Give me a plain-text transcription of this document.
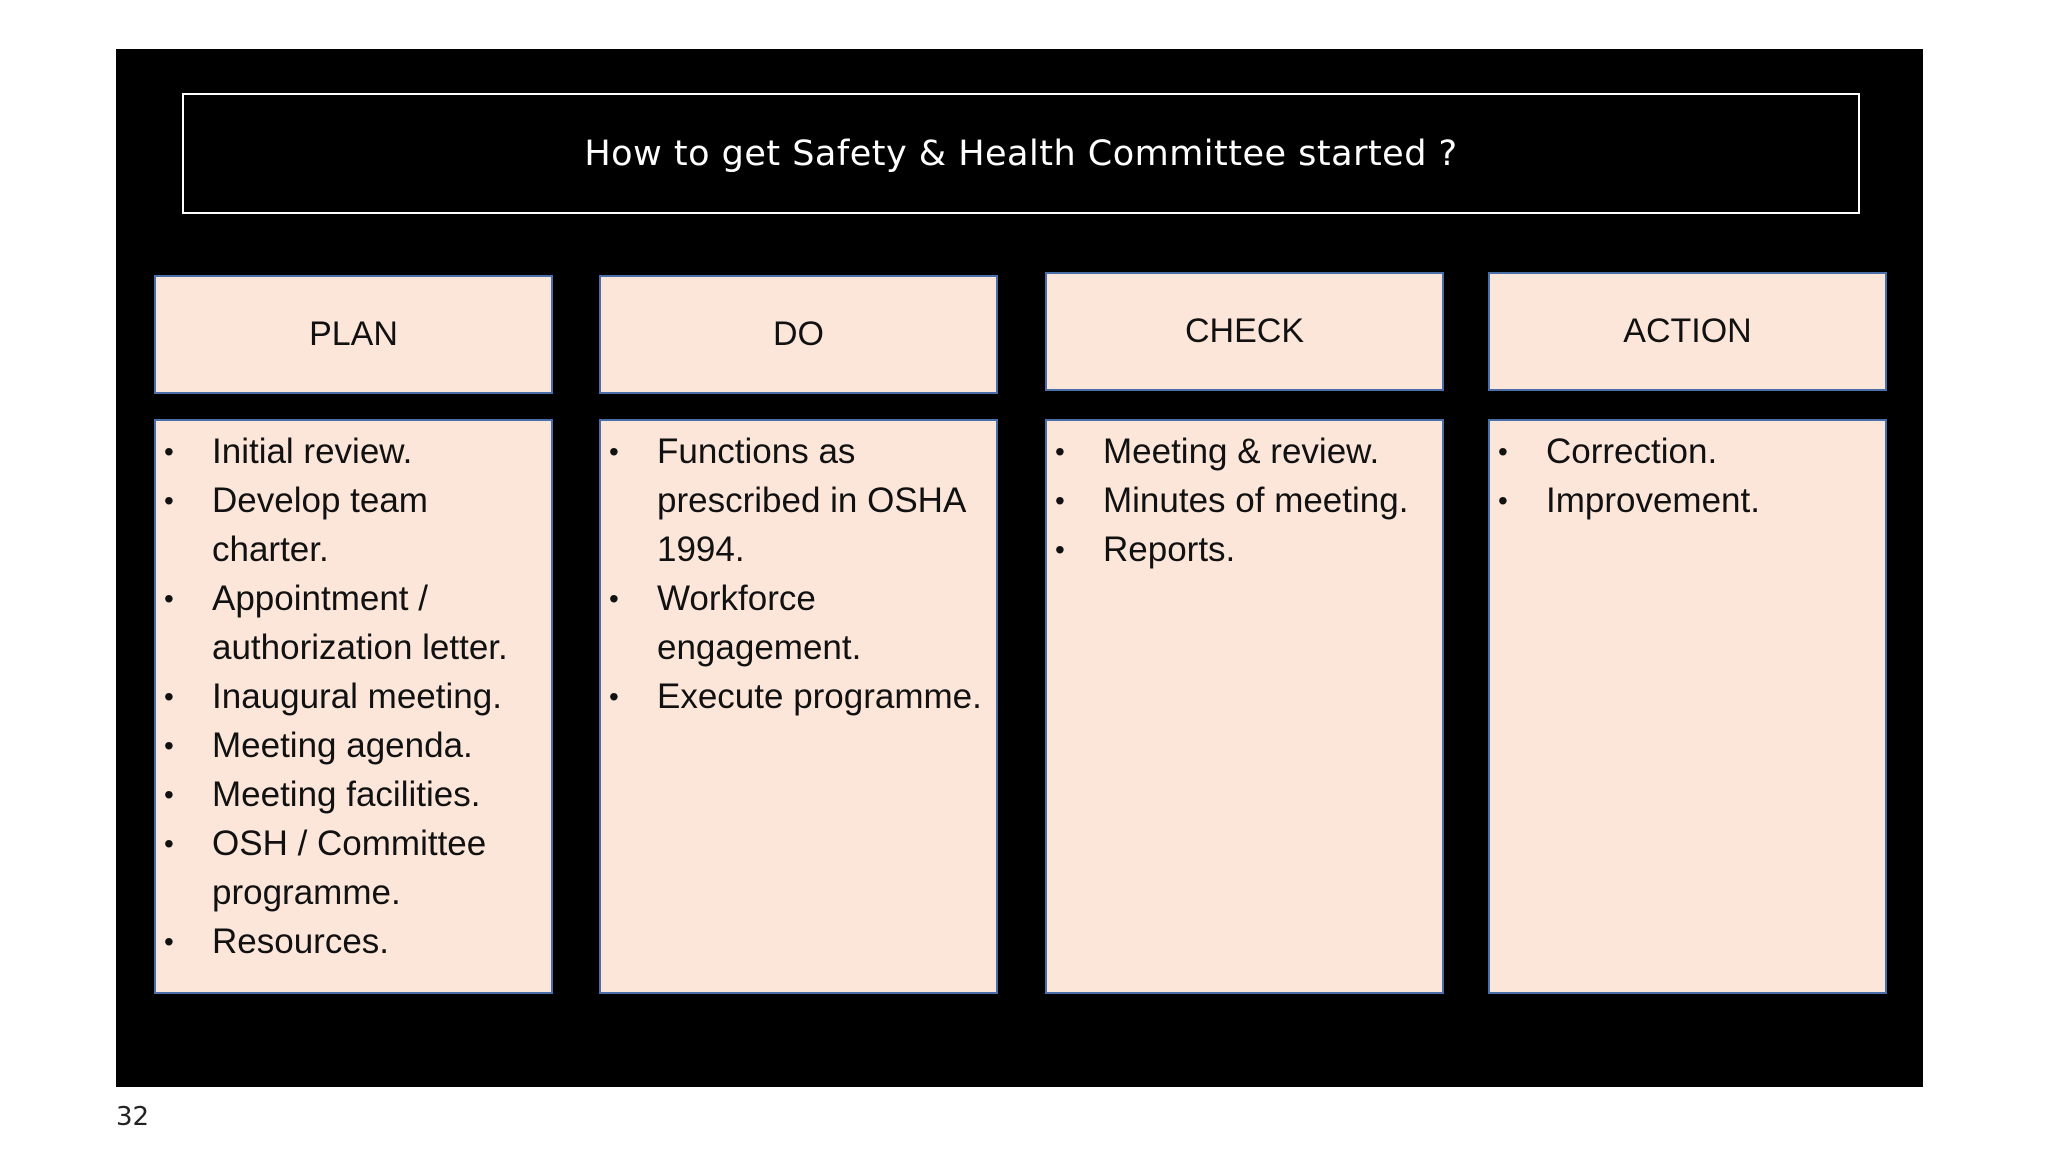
How to get Safety & Health Committee started ?
PLAN
• Initial review.
• Develop team charter.
• Appointment / authorization letter.
• Inaugural meeting.
• Meeting agenda.
• Meeting facilities.
• OSH / Committee programme.
• Resources.
DO
• Functions as prescribed in OSHA 1994.
• Workforce engagement.
• Execute programme.
CHECK
• Meeting & review.
• Minutes of meeting.
• Reports.
ACTION
• Correction.
• Improvement.
32
